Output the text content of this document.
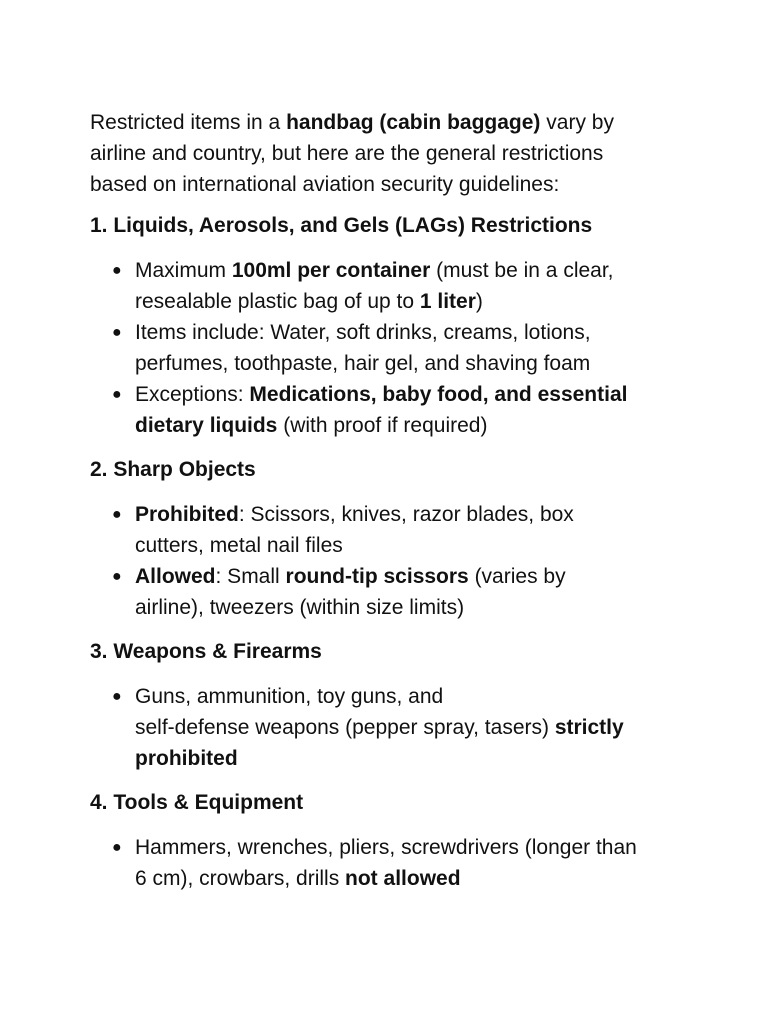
Restricted items in a handbag (cabin baggage) vary by
airline and country, but here are the general restrictions
based on international aviation security guidelines:

1. Liquids, Aerosols, and Gels (LAGs) Restrictions

● Maximum 100ml per container (must be in a clear,
resealable plastic bag of up to 1 liter)
● Items include: Water, soft drinks, creams, lotions,
perfumes, toothpaste, hair gel, and shaving foam
● Exceptions: Medications, baby food, and essential
dietary liquids (with proof if required)

2. Sharp Objects

● Prohibited: Scissors, knives, razor blades, box
cutters, metal nail files
● Allowed: Small round-tip scissors (varies by
airline), tweezers (within size limits)

3. Weapons & Firearms

● Guns, ammunition, toy guns, and
self-defense weapons (pepper spray, tasers) strictly
prohibited

4. Tools & Equipment

● Hammers, wrenches, pliers, screwdrivers (longer than
6 cm), crowbars, drills not allowed
